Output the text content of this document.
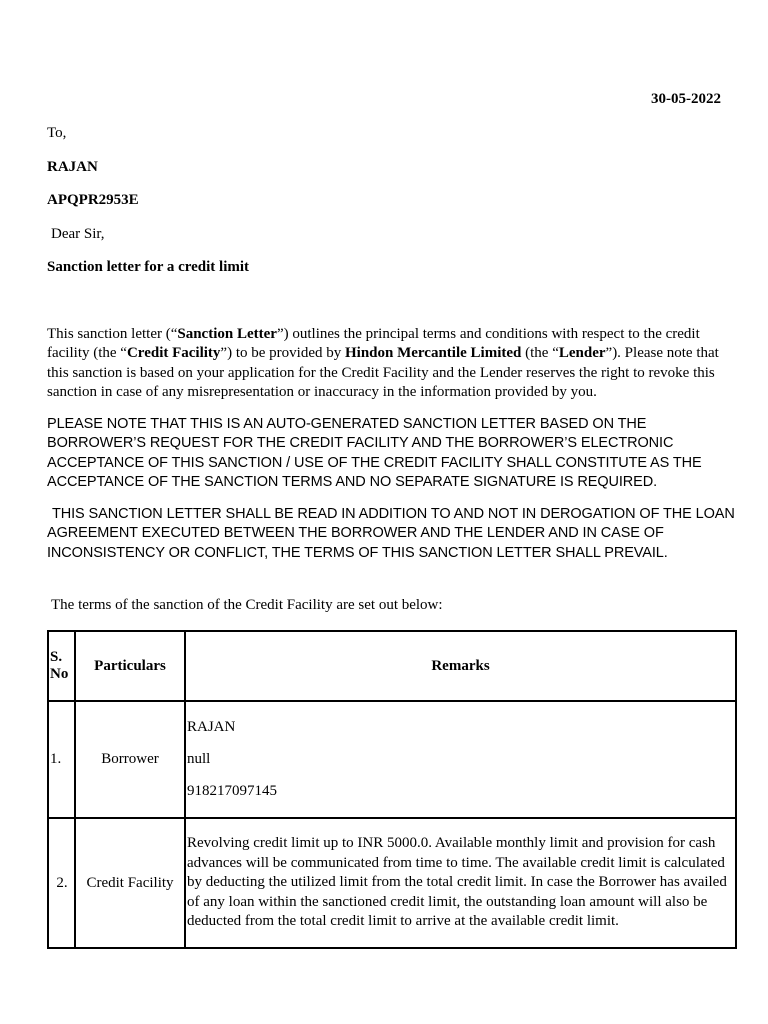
30-05-2022

To,

RAJAN

APQPR2953E

Dear Sir,

Sanction letter for a credit limit

This sanction letter (“Sanction Letter”) outlines the principal terms and conditions with respect to the credit facility (the “Credit Facility”) to be provided by Hindon Mercantile Limited (the “Lender”). Please note that this sanction is based on your application for the Credit Facility and the Lender reserves the right to revoke this sanction in case of any misrepresentation or inaccuracy in the information provided by you.

PLEASE NOTE THAT THIS IS AN AUTO-GENERATED SANCTION LETTER BASED ON THE BORROWER’S REQUEST FOR THE CREDIT FACILITY AND THE BORROWER’S ELECTRONIC ACCEPTANCE OF THIS SANCTION / USE OF THE CREDIT FACILITY SHALL CONSTITUTE AS THE ACCEPTANCE OF THE SANCTION TERMS AND NO SEPARATE SIGNATURE IS REQUIRED.

THIS SANCTION LETTER SHALL BE READ IN ADDITION TO AND NOT IN DEROGATION OF THE LOAN AGREEMENT EXECUTED BETWEEN THE BORROWER AND THE LENDER AND IN CASE OF INCONSISTENCY OR CONFLICT, THE TERMS OF THIS SANCTION LETTER SHALL PREVAIL.

The terms of the sanction of the Credit Facility are set out below:

S. No	Particulars	Remarks
1.	Borrower	RAJAN
null
918217097145

2.	Credit Facility	Revolving credit limit up to INR 5000.0. Available monthly limit and provision for cash advances will be communicated from time to time. The available credit limit is calculated by deducting the utilized limit from the total credit limit. In case the Borrower has availed of any loan within the sanctioned credit limit, the outstanding loan amount will also be deducted from the total credit limit to arrive at the available credit limit.
